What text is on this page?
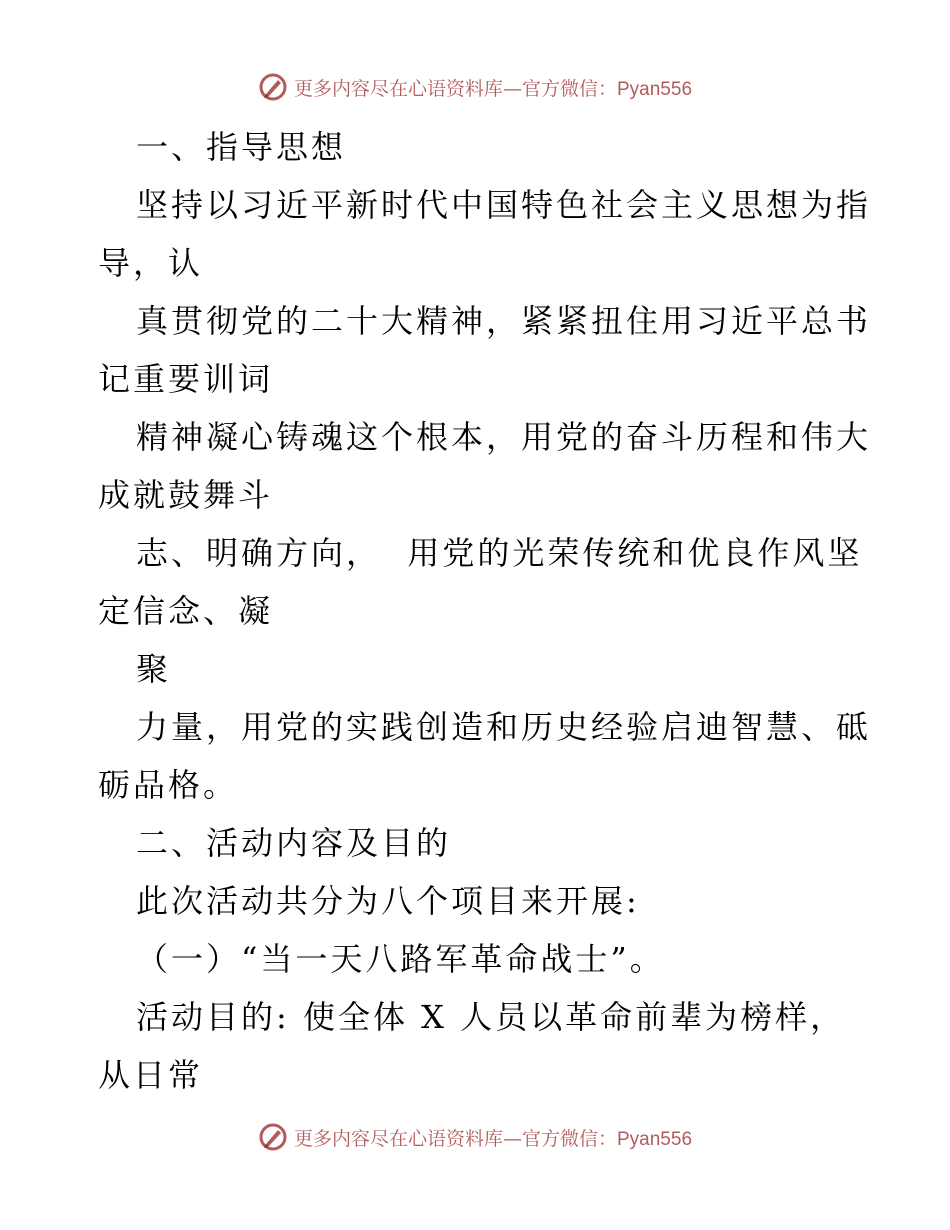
更多内容尽在心语资料库—官方微信：Pyan556
一、指导思想
坚持以习近平新时代中国特色社会主义思想为指
导，认
真贯彻党的二十大精神，紧紧扭住用习近平总书
记重要训词
精神凝心铸魂这个根本，用党的奋斗历程和伟大
成就鼓舞斗
志、明确方向，  用党的光荣传统和优良作风坚
定信念、凝
聚
力量，用党的实践创造和历史经验启迪智慧、砥
砺品格。
二、活动内容及目的
此次活动共分为八个项目来开展:
（一）“当一天八路军革命战士”。
活动目的: 使全体 X 人员以革命前辈为榜样，
从日常
更多内容尽在心语资料库—官方微信：Pyan556
